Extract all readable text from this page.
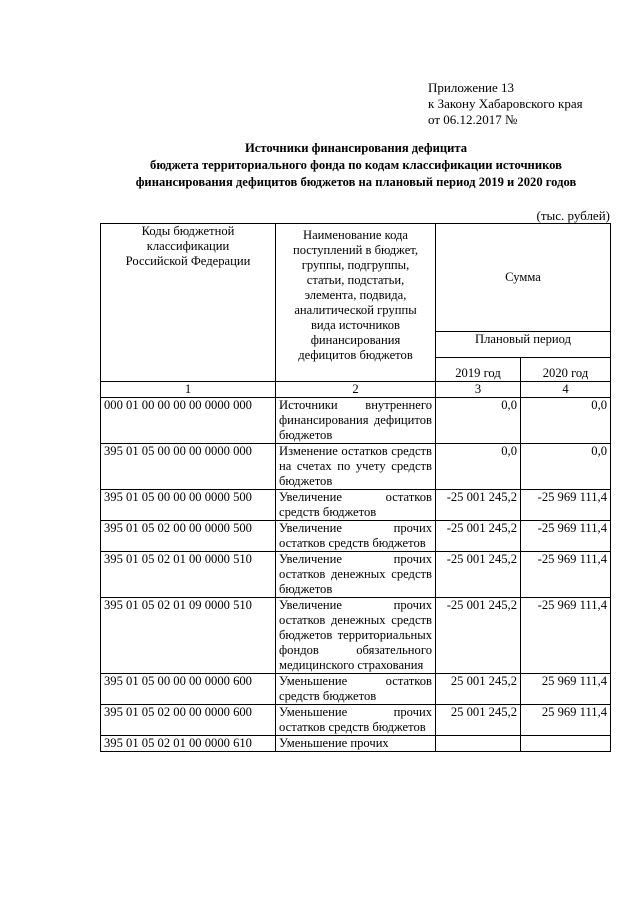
Приложение 13
к Закону Хабаровского края
от 06.12.2017 №
Источники финансирования дефицита
бюджета территориального фонда по кодам классификации источников
финансирования дефицитов бюджетов на плановый период 2019 и 2020 годов
(тыс. рублей)
Коды бюджетной классификации Российской Федерации	Наименование кода поступлений в бюджет, группы, подгруппы, статьи, подстатьи, элемента, подвида, аналитической группы вида источников финансирования дефицитов бюджетов	Сумма	
		Плановый период	
		2019 год	2020 год
1	2	3	4
000 01 00 00 00 00 0000 000	Источники внутреннего финансирования дефицитов бюджетов	0,0	0,0
395 01 05 00 00 00 0000 000	Изменение остатков средств на счетах по учету средств бюджетов	0,0	0,0
395 01 05 00 00 00 0000 500	Увеличение остатков средств бюджетов	-25 001 245,2	-25 969 111,4
395 01 05 02 00 00 0000 500	Увеличение прочих остатков средств бюджетов	-25 001 245,2	-25 969 111,4
395 01 05 02 01 00 0000 510	Увеличение прочих остатков денежных средств бюджетов	-25 001 245,2	-25 969 111,4
395 01 05 02 01 09 0000 510	Увеличение прочих остатков денежных средств бюджетов территориальных фондов обязательного медицинского страхования	-25 001 245,2	-25 969 111,4
395 01 05 00 00 00 0000 600	Уменьшение остатков средств бюджетов	25 001 245,2	25 969 111,4
395 01 05 02 00 00 0000 600	Уменьшение прочих остатков средств бюджетов	25 001 245,2	25 969 111,4
395 01 05 02 01 00 0000 610	Уменьшение прочих		
